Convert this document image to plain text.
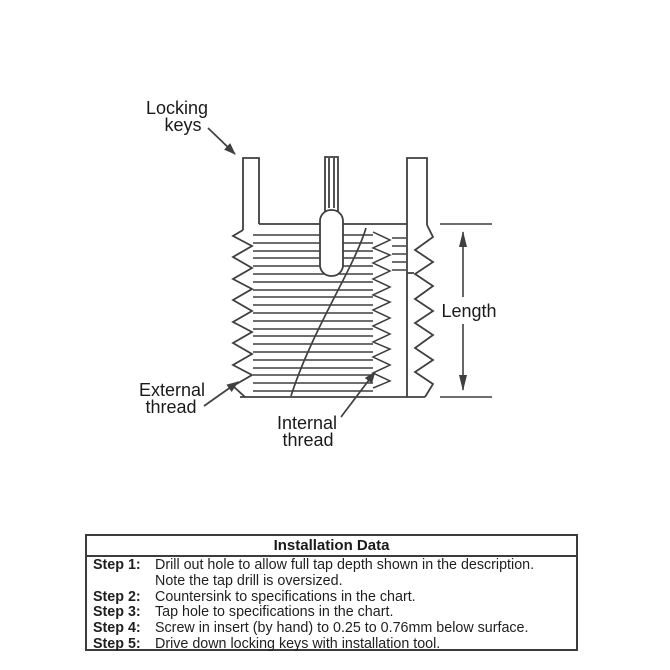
Locking
keys
Length
External
thread
Internal
thread
Installation Data
Step 1:	Drill out hole to allow full tap depth shown in the description.
Note the tap drill is oversized.
Step 2:	Countersink to specifications in the chart.
Step 3:	Tap hole to specifications in the chart.
Step 4:	Screw in insert (by hand) to 0.25 to 0.76mm below surface.
Step 5:	Drive down locking keys with installation tool.
